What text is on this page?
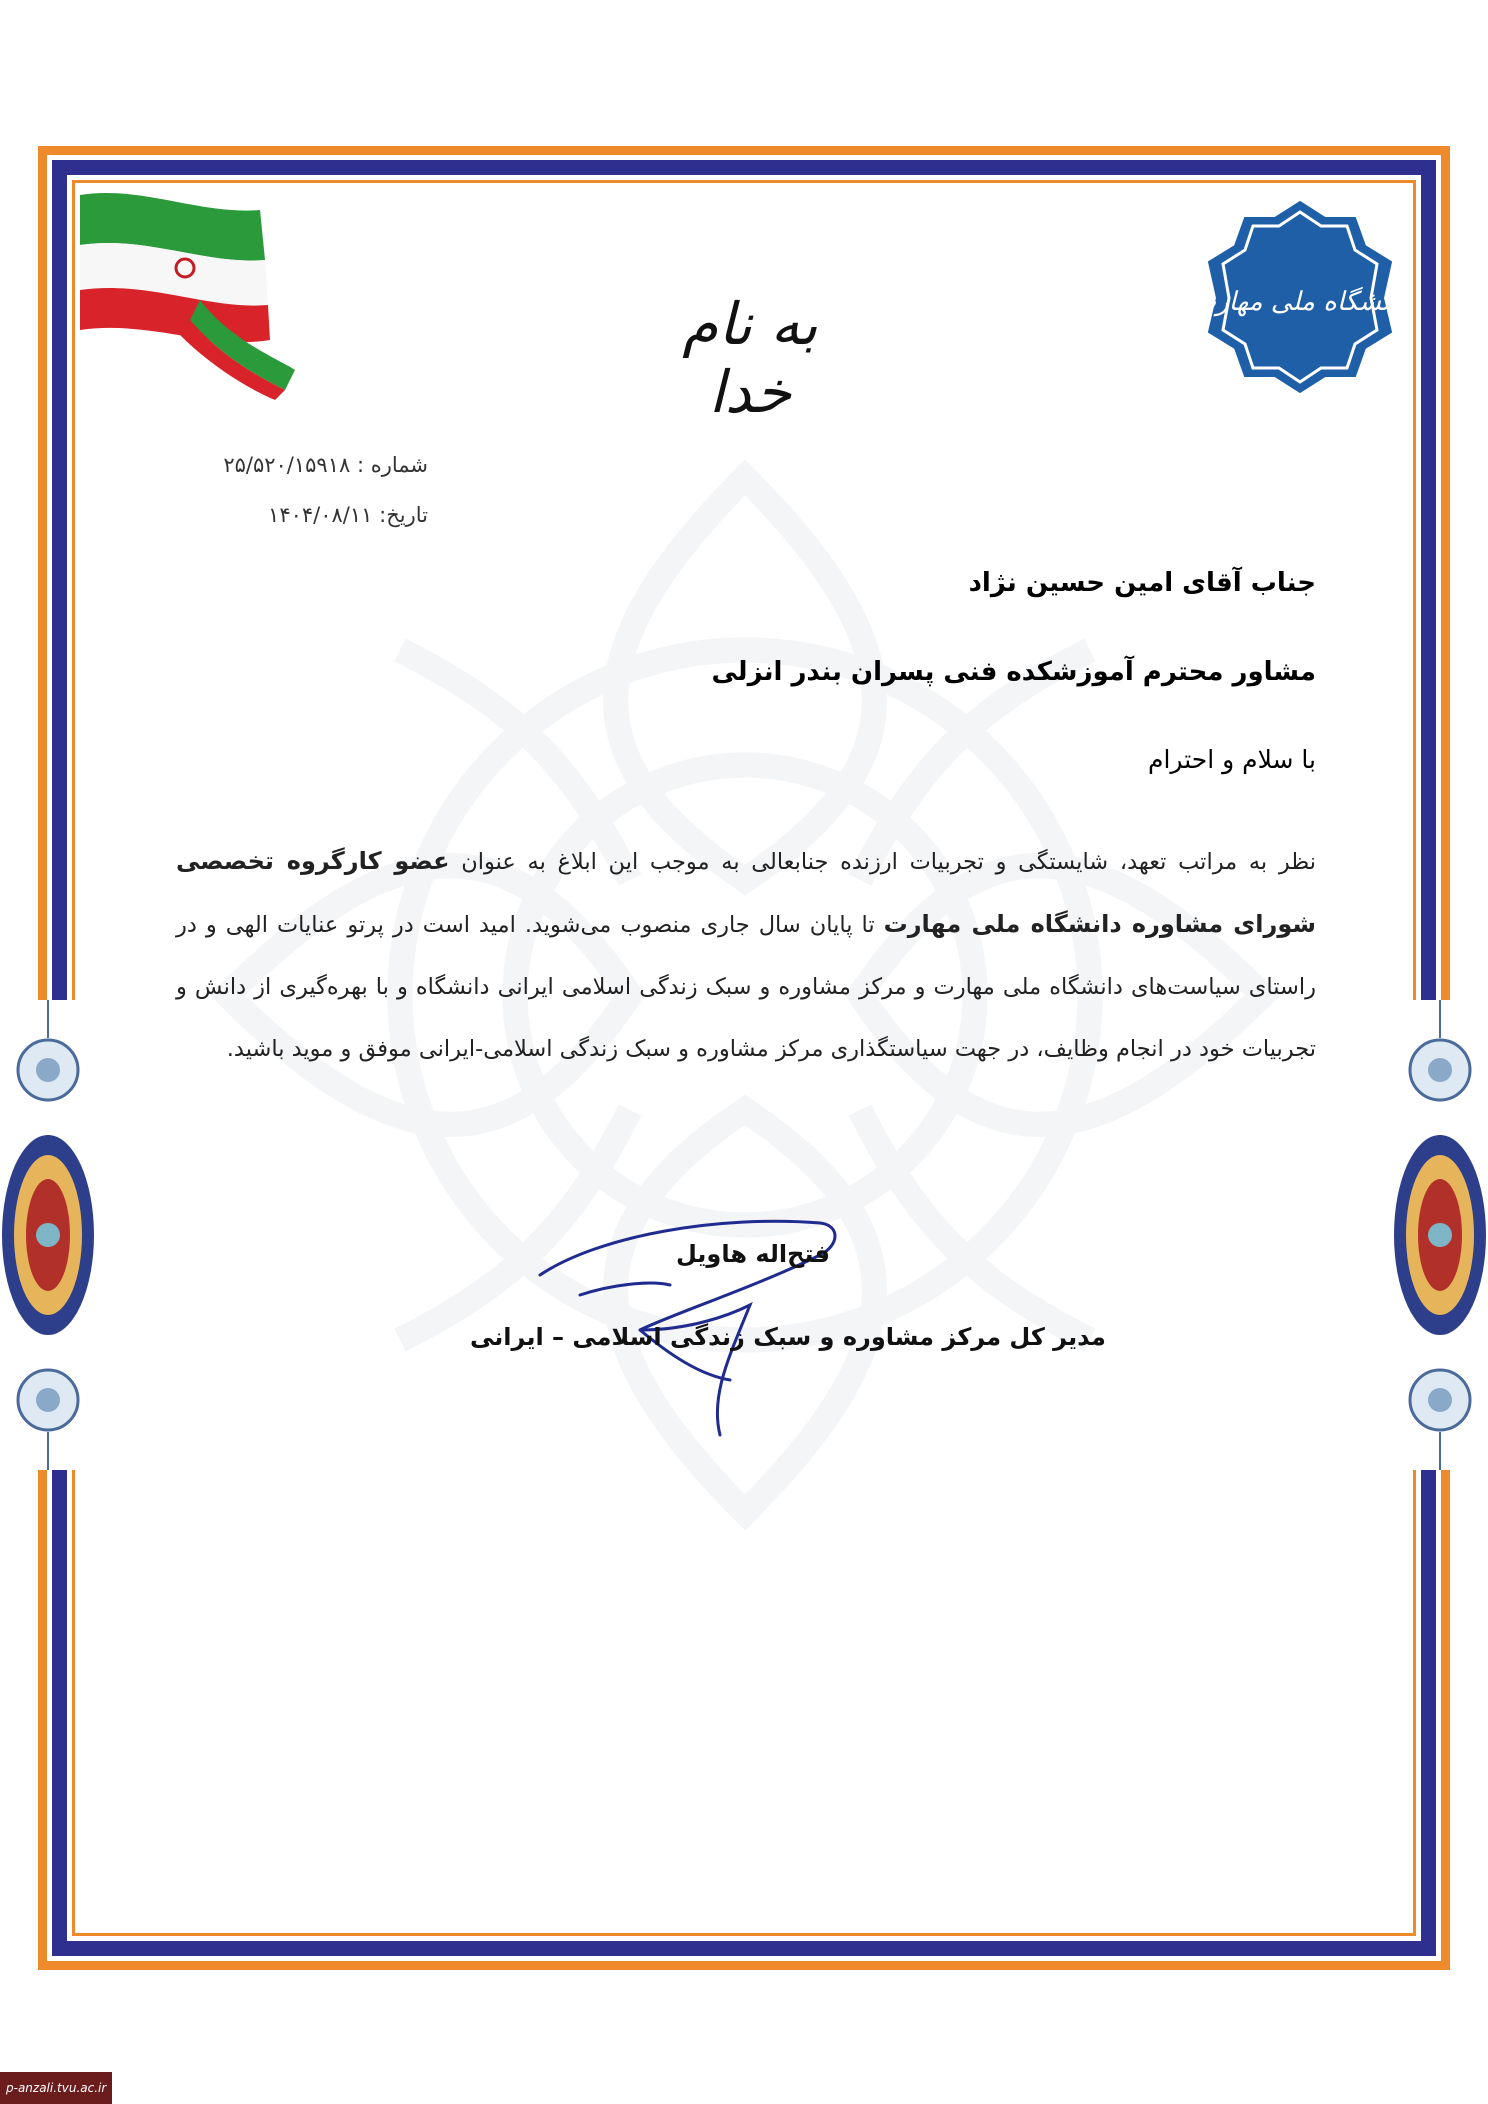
دانشگاه ملی مهارت
به نام خدا
شماره : ۲۵/۵۲۰/۱۵۹۱۸
تاریخ: ۱۴۰۴/۰۸/۱۱

جناب آقای امین حسین نژاد

مشاور محترم آموزشکده فنی پسران بندر انزلی

با سلام و احترام

نظر به مراتب تعهد، شایستگی و تجربیات ارزنده جنابعالی به موجب این ابلاغ به عنوان عضو کارگروه تخصصی شورای مشاوره دانشگاه ملی مهارت تا پایان سال جاری منصوب می‌شوید. امید است در پرتو عنایات الهی و در راستای سیاست‌های دانشگاه ملی مهارت و مرکز مشاوره و سبک زندگی اسلامی ایرانی دانشگاه و با بهره‌گیری از دانش و تجربیات خود در انجام وظایف، در جهت سیاستگذاری مرکز مشاوره و سبک زندگی اسلامی-ایرانی موفق و موید باشید.
فتح‌اله هاویل
مدیر کل مرکز مشاوره و سبک زندگی اسلامی – ایرانی
p-anzali.tvu.ac.ir
